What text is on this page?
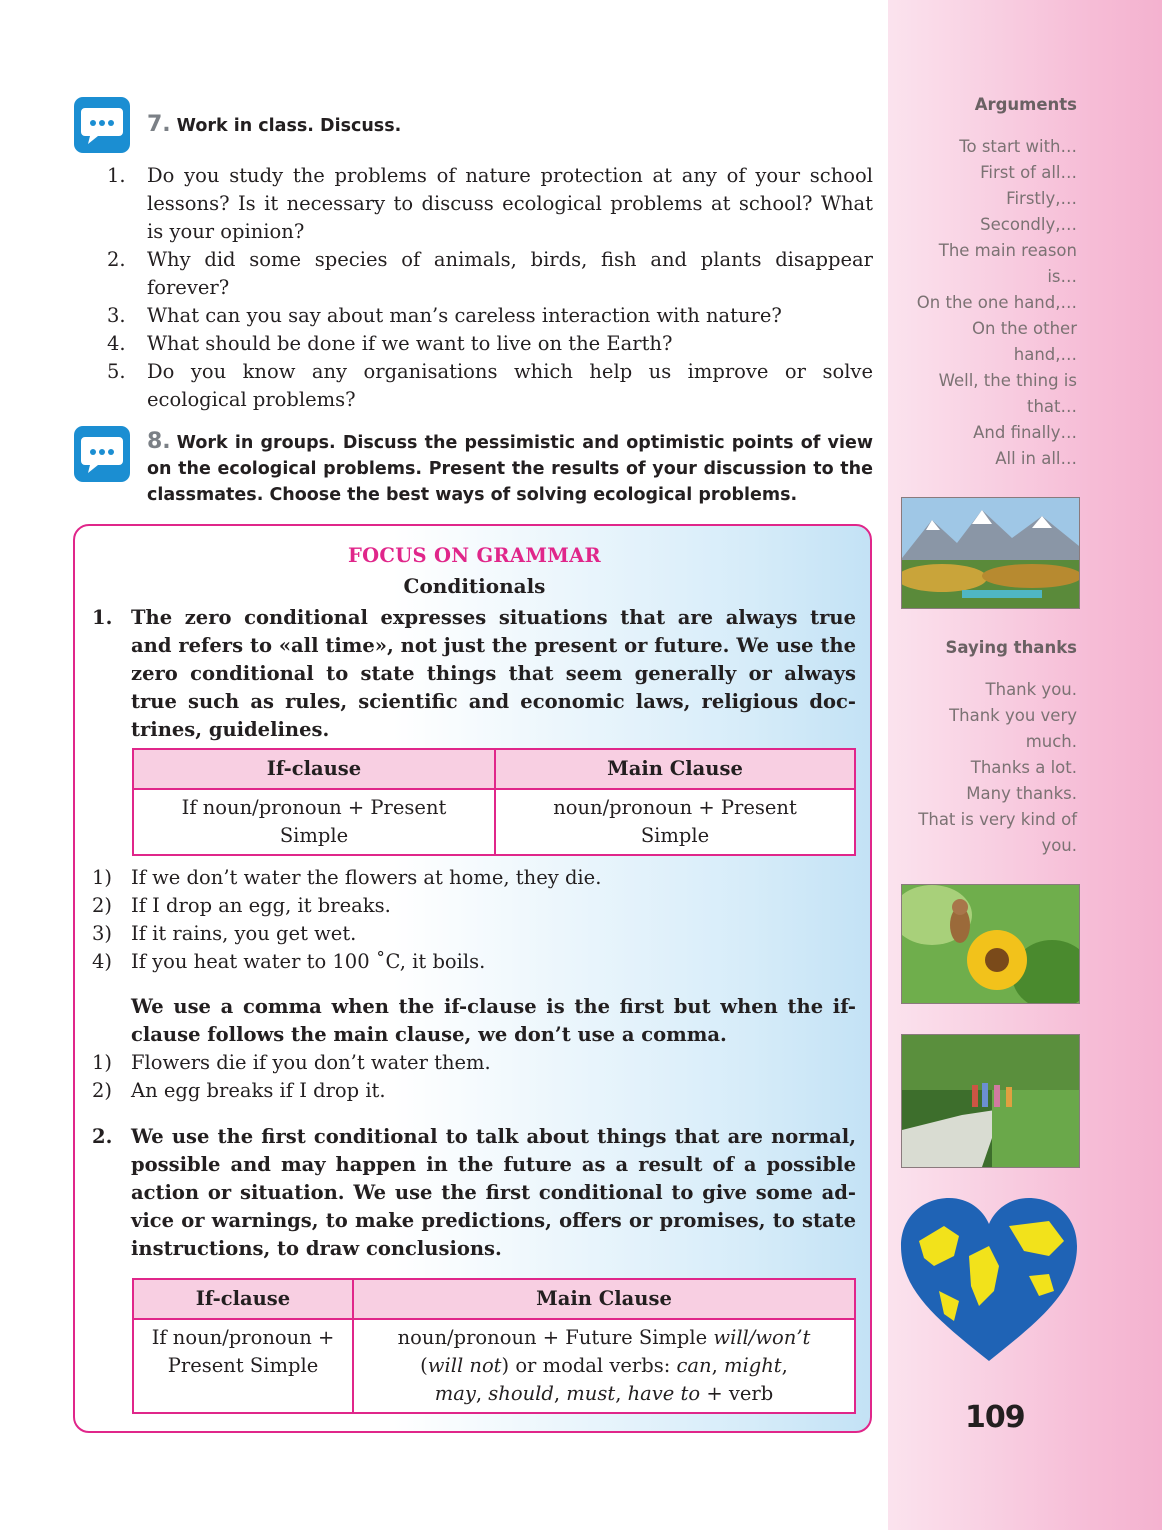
Arguments
To start with…
First of all…
Firstly,…
Secondly,…
The main reason
is…
On the one hand,…
On the other
hand,…
Well, the thing is
that…
And finally…
All in all…
Saying thanks
Thank you.
Thank you very
much.
Thanks a lot.
Many thanks.
That is very kind of
you.
109
7. Work in class. Discuss.
1.	Do you study the problems of nature protection at any of your school lessons? Is it necessary to discuss ecological problems at school? What is your opinion?
2.	Why did some species of animals, birds, fish and plants disappear forever?
3.	What can you say about man’s careless interaction with nature?
4.	What should be done if we want to live on the Earth?
5.	Do you know any organisations which help us improve or solve ecological problems?
8. Work in groups. Discuss the pessimistic and optimistic points of view on the ecological problems. Present the results of your discussion to the classmates. Choose the best ways of solving ecological problems.
FOCUS ON GRAMMAR
Conditionals
1. The zero conditional expresses situations that are always true and refers to «all time», not just the present or future. We use the zero conditional to state things that seem generally or always true such as rules, scientific and economic laws, religious doctrines, guidelines.
If-clause	Main Clause

If noun/pronoun + Present Simple	noun/pronoun + Present Simple
1) If we don’t water the flowers at home, they die.
2) If I drop an egg, it breaks.
3) If it rains, you get wet.
4) If you heat water to 100 ˚C, it boils.
We use a comma when the if-clause is the first but when the if-clause follows the main clause, we don’t use a comma.
1) Flowers die if you don’t water them.
2) An egg breaks if I drop it.
2. We use the first conditional to talk about things that are normal, possible and may happen in the future as a result of a possible action or situation. We use the first conditional to give some advice or warnings, to make predictions, offers or promises, to state instructions, to draw conclusions.
If-clause	Main Clause

If noun/pronoun + Present Simple	noun/pronoun + Future Simple will/won’t
(will not) or modal verbs: can, might,
may, should, must, have to + verb
